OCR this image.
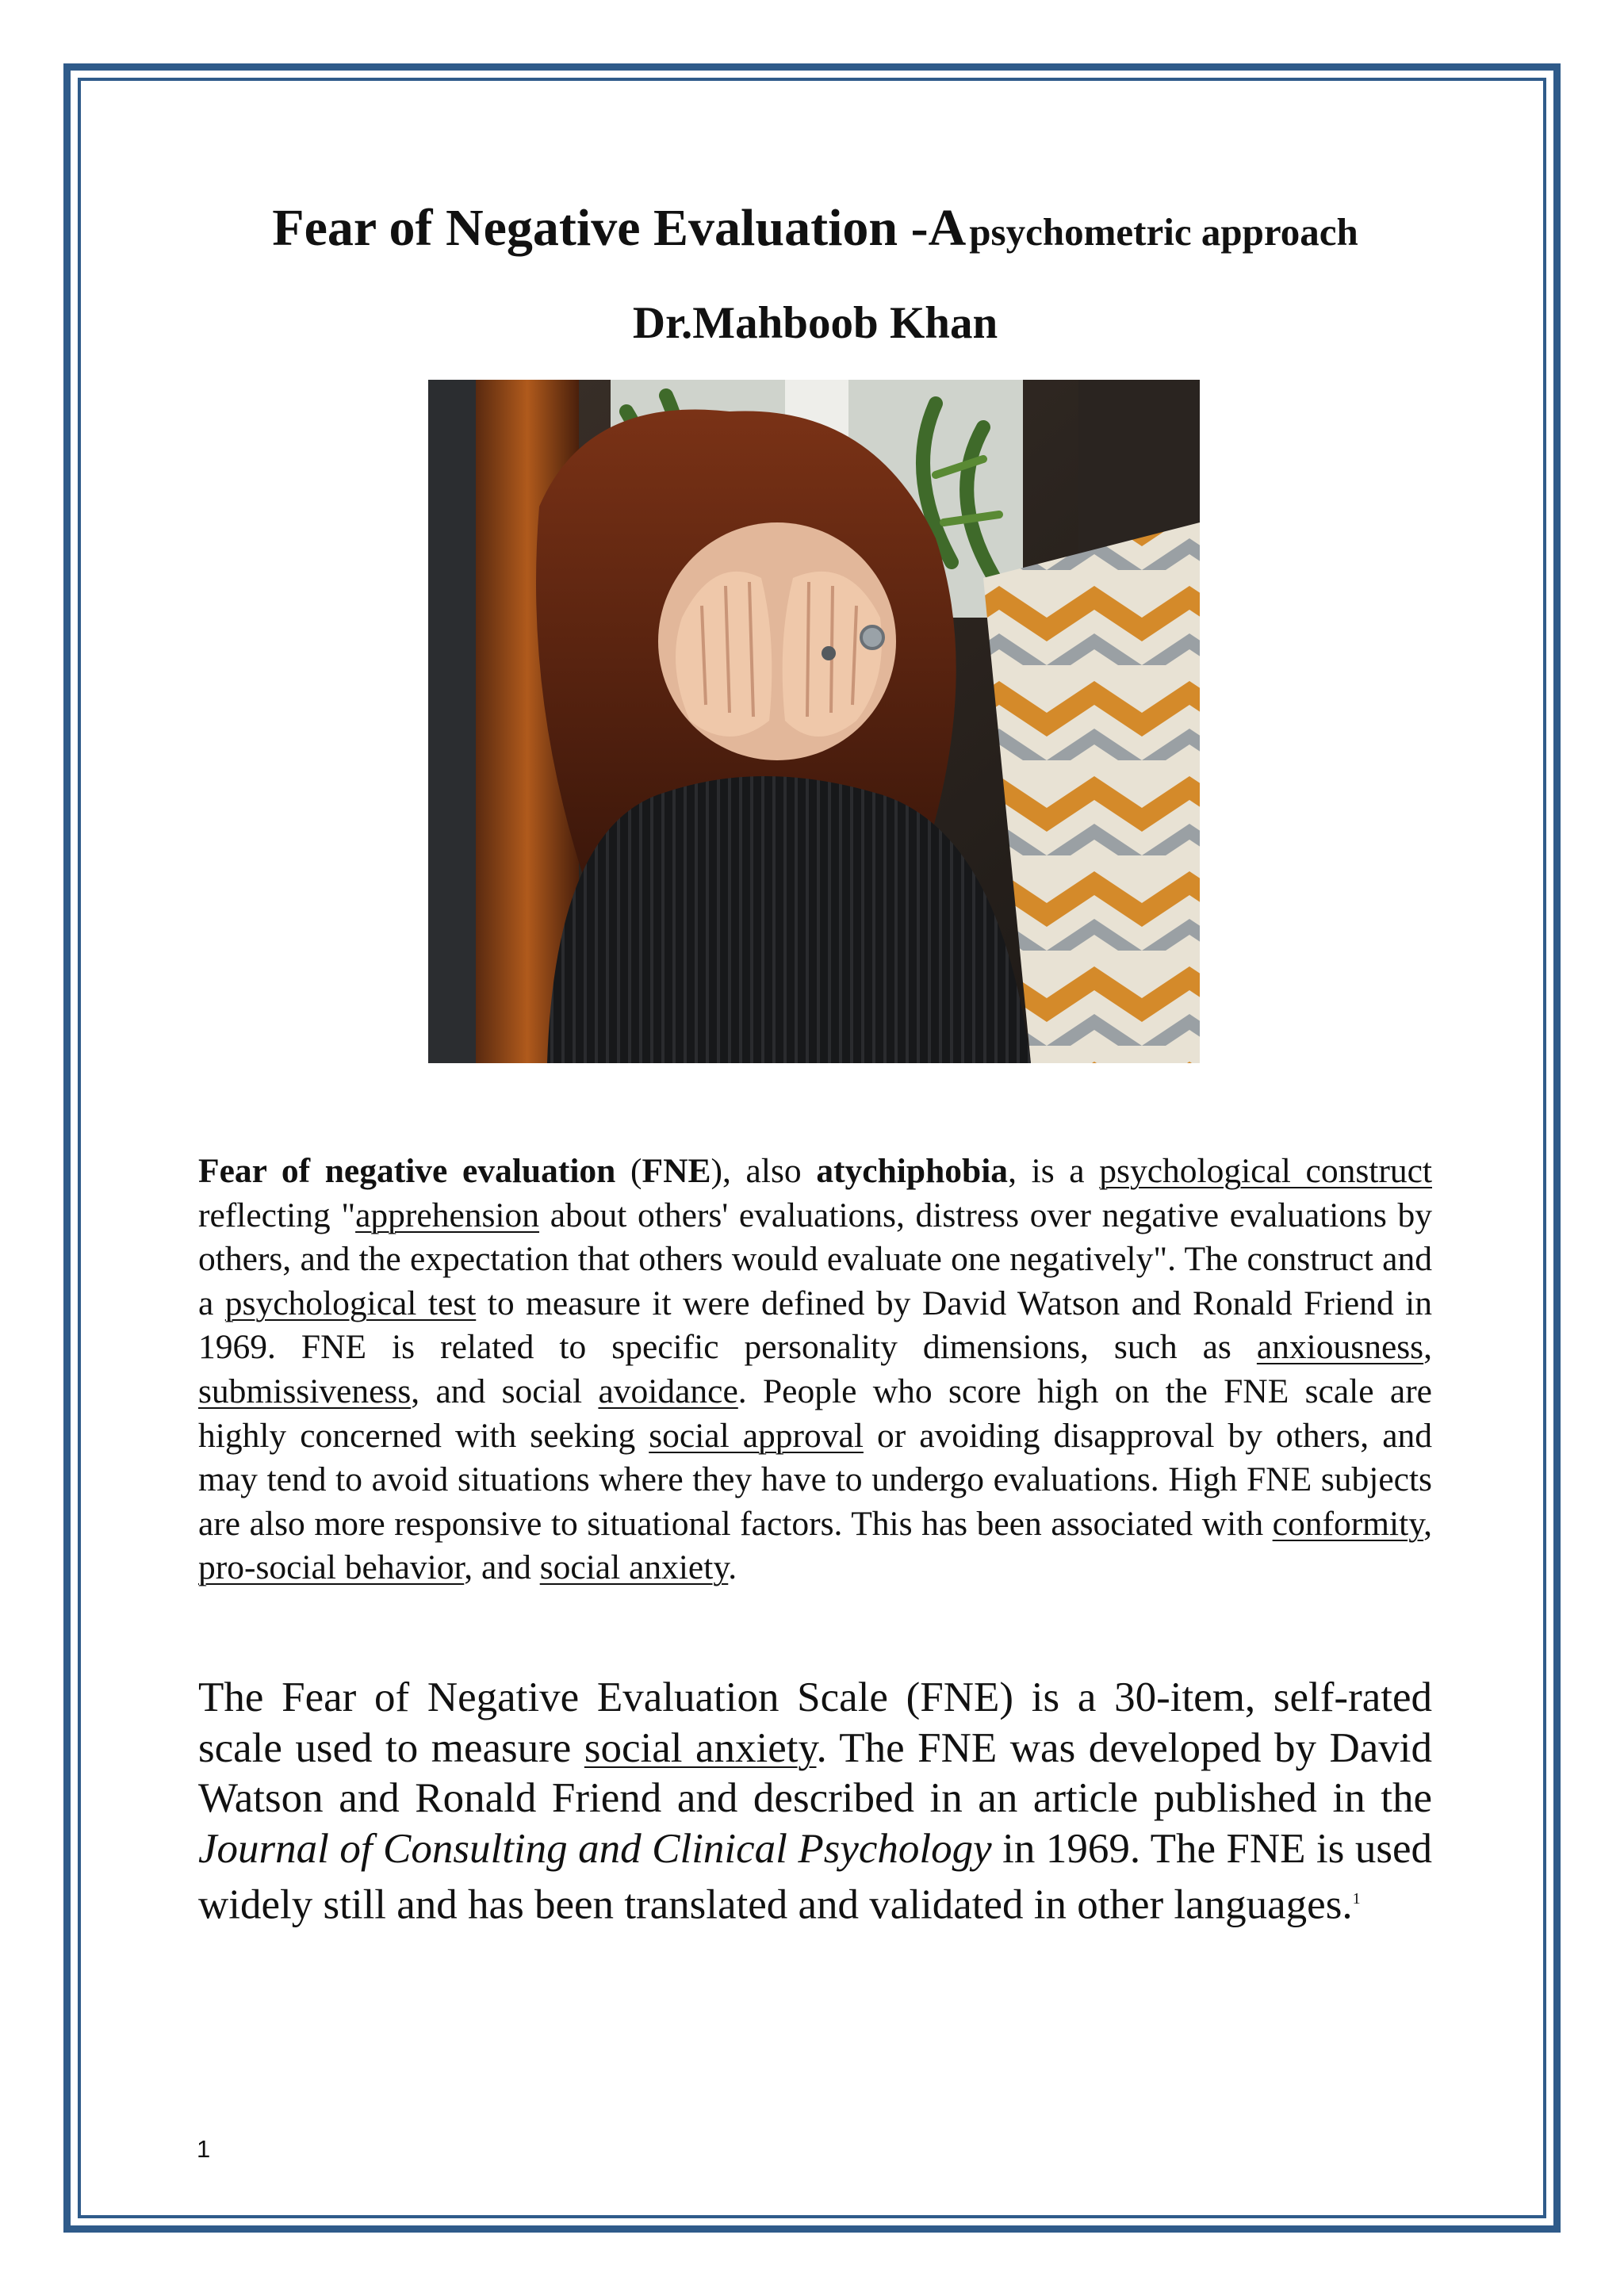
Fear of Negative Evaluation -A psychometric approach
Dr.Mahboob Khan
Fear of negative evaluation (FNE), also atychiphobia, is a psychological construct reflecting "apprehension about others' evaluations, distress over negative evaluations by others, and the expectation that others would evaluate one negatively". The construct and a psychological test to measure it were defined by David Watson and Ronald Friend in 1969. FNE is related to specific personality dimensions, such as anxiousness, submissiveness, and social avoidance. People who score high on the FNE scale are highly concerned with seeking social approval or avoiding disapproval by others, and may tend to avoid situations where they have to undergo evaluations. High FNE subjects are also more responsive to situational factors. This has been associated with conformity, pro-social behavior, and social anxiety.
The Fear of Negative Evaluation Scale (FNE) is a 30-item, self-rated scale used to measure social anxiety. The FNE was developed by David Watson and Ronald Friend and described in an article published in the Journal of Consulting and Clinical Psychology in 1969. The FNE is used widely still and has been translated and validated in other languages.$^1$
1
